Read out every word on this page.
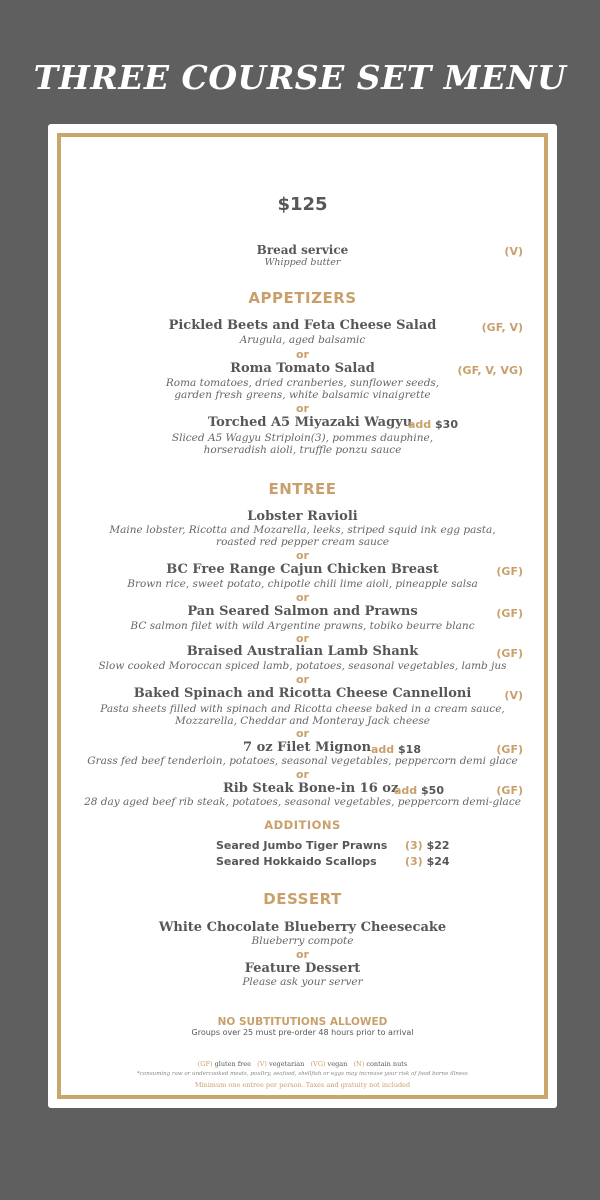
THREE COURSE SET MENU
$125
Bread service
Whipped butter
(V)
APPETIZERS
Pickled Beets and Feta Cheese Salad	(GF, V)
Arugula, aged balsamic
or
Roma Tomato Salad	(GF, V, VG)
Roma tomatoes, dried cranberies, sunflower seeds,
garden fresh greens, white balsamic vinaigrette
or
Torched A5 Miyazaki Wagyu
add $30
Sliced A5 Wagyu Striploin(3), pommes dauphine,
horseradish aioli, truffle ponzu sauce
ENTREE
Lobster Ravioli
Maine lobster, Ricotta and Mozarella, leeks, striped squid ink egg pasta,
roasted red pepper cream sauce
or
BC Free Range Cajun Chicken Breast	(GF)
Brown rice, sweet potato, chipotle chili lime aioli, pineapple salsa
or
Pan Seared Salmon and Prawns	(GF)
BC salmon filet with wild Argentine prawns, tobiko beurre blanc
or
Braised Australian Lamb Shank	(GF)
Slow cooked Moroccan spiced lamb, potatoes, seasonal vegetables, lamb jus
or
Baked Spinach and Ricotta Cheese Cannelloni	(V)
Pasta sheets filled with spinach and Ricotta cheese baked in a cream sauce,
Mozzarella, Cheddar and Monteray Jack cheese
or
7 oz Filet Mignon add $18	(GF)
Grass fed beef tenderloin, potatoes, seasonal vegetables, peppercorn demi glace
or
Rib Steak Bone-in 16 oz
add $50	(GF)
28 day aged beef rib steak, potatoes, seasonal vegetables, peppercorn demi-glace
ADDITIONS
Seared Jumbo Tiger Prawns (3) $22
Seared Hokkaido Scallops	(3) $24
DESSERT
White Chocolate Blueberry Cheesecake
Blueberry compote
or
Feature Dessert
Please ask your server
NO SUBTITUTIONS ALLOWED
Groups over 25 must pre-order 48 hours prior to arrival
(GF) gluten free (V) vegetarian (VG) vegan (N) contain nuts
*consuming raw or undercooked meats, poultry, seafood, shellfish or eggs may increase your risk of food borne illness
Minimum one entree per person. Taxes and gratuity not included
